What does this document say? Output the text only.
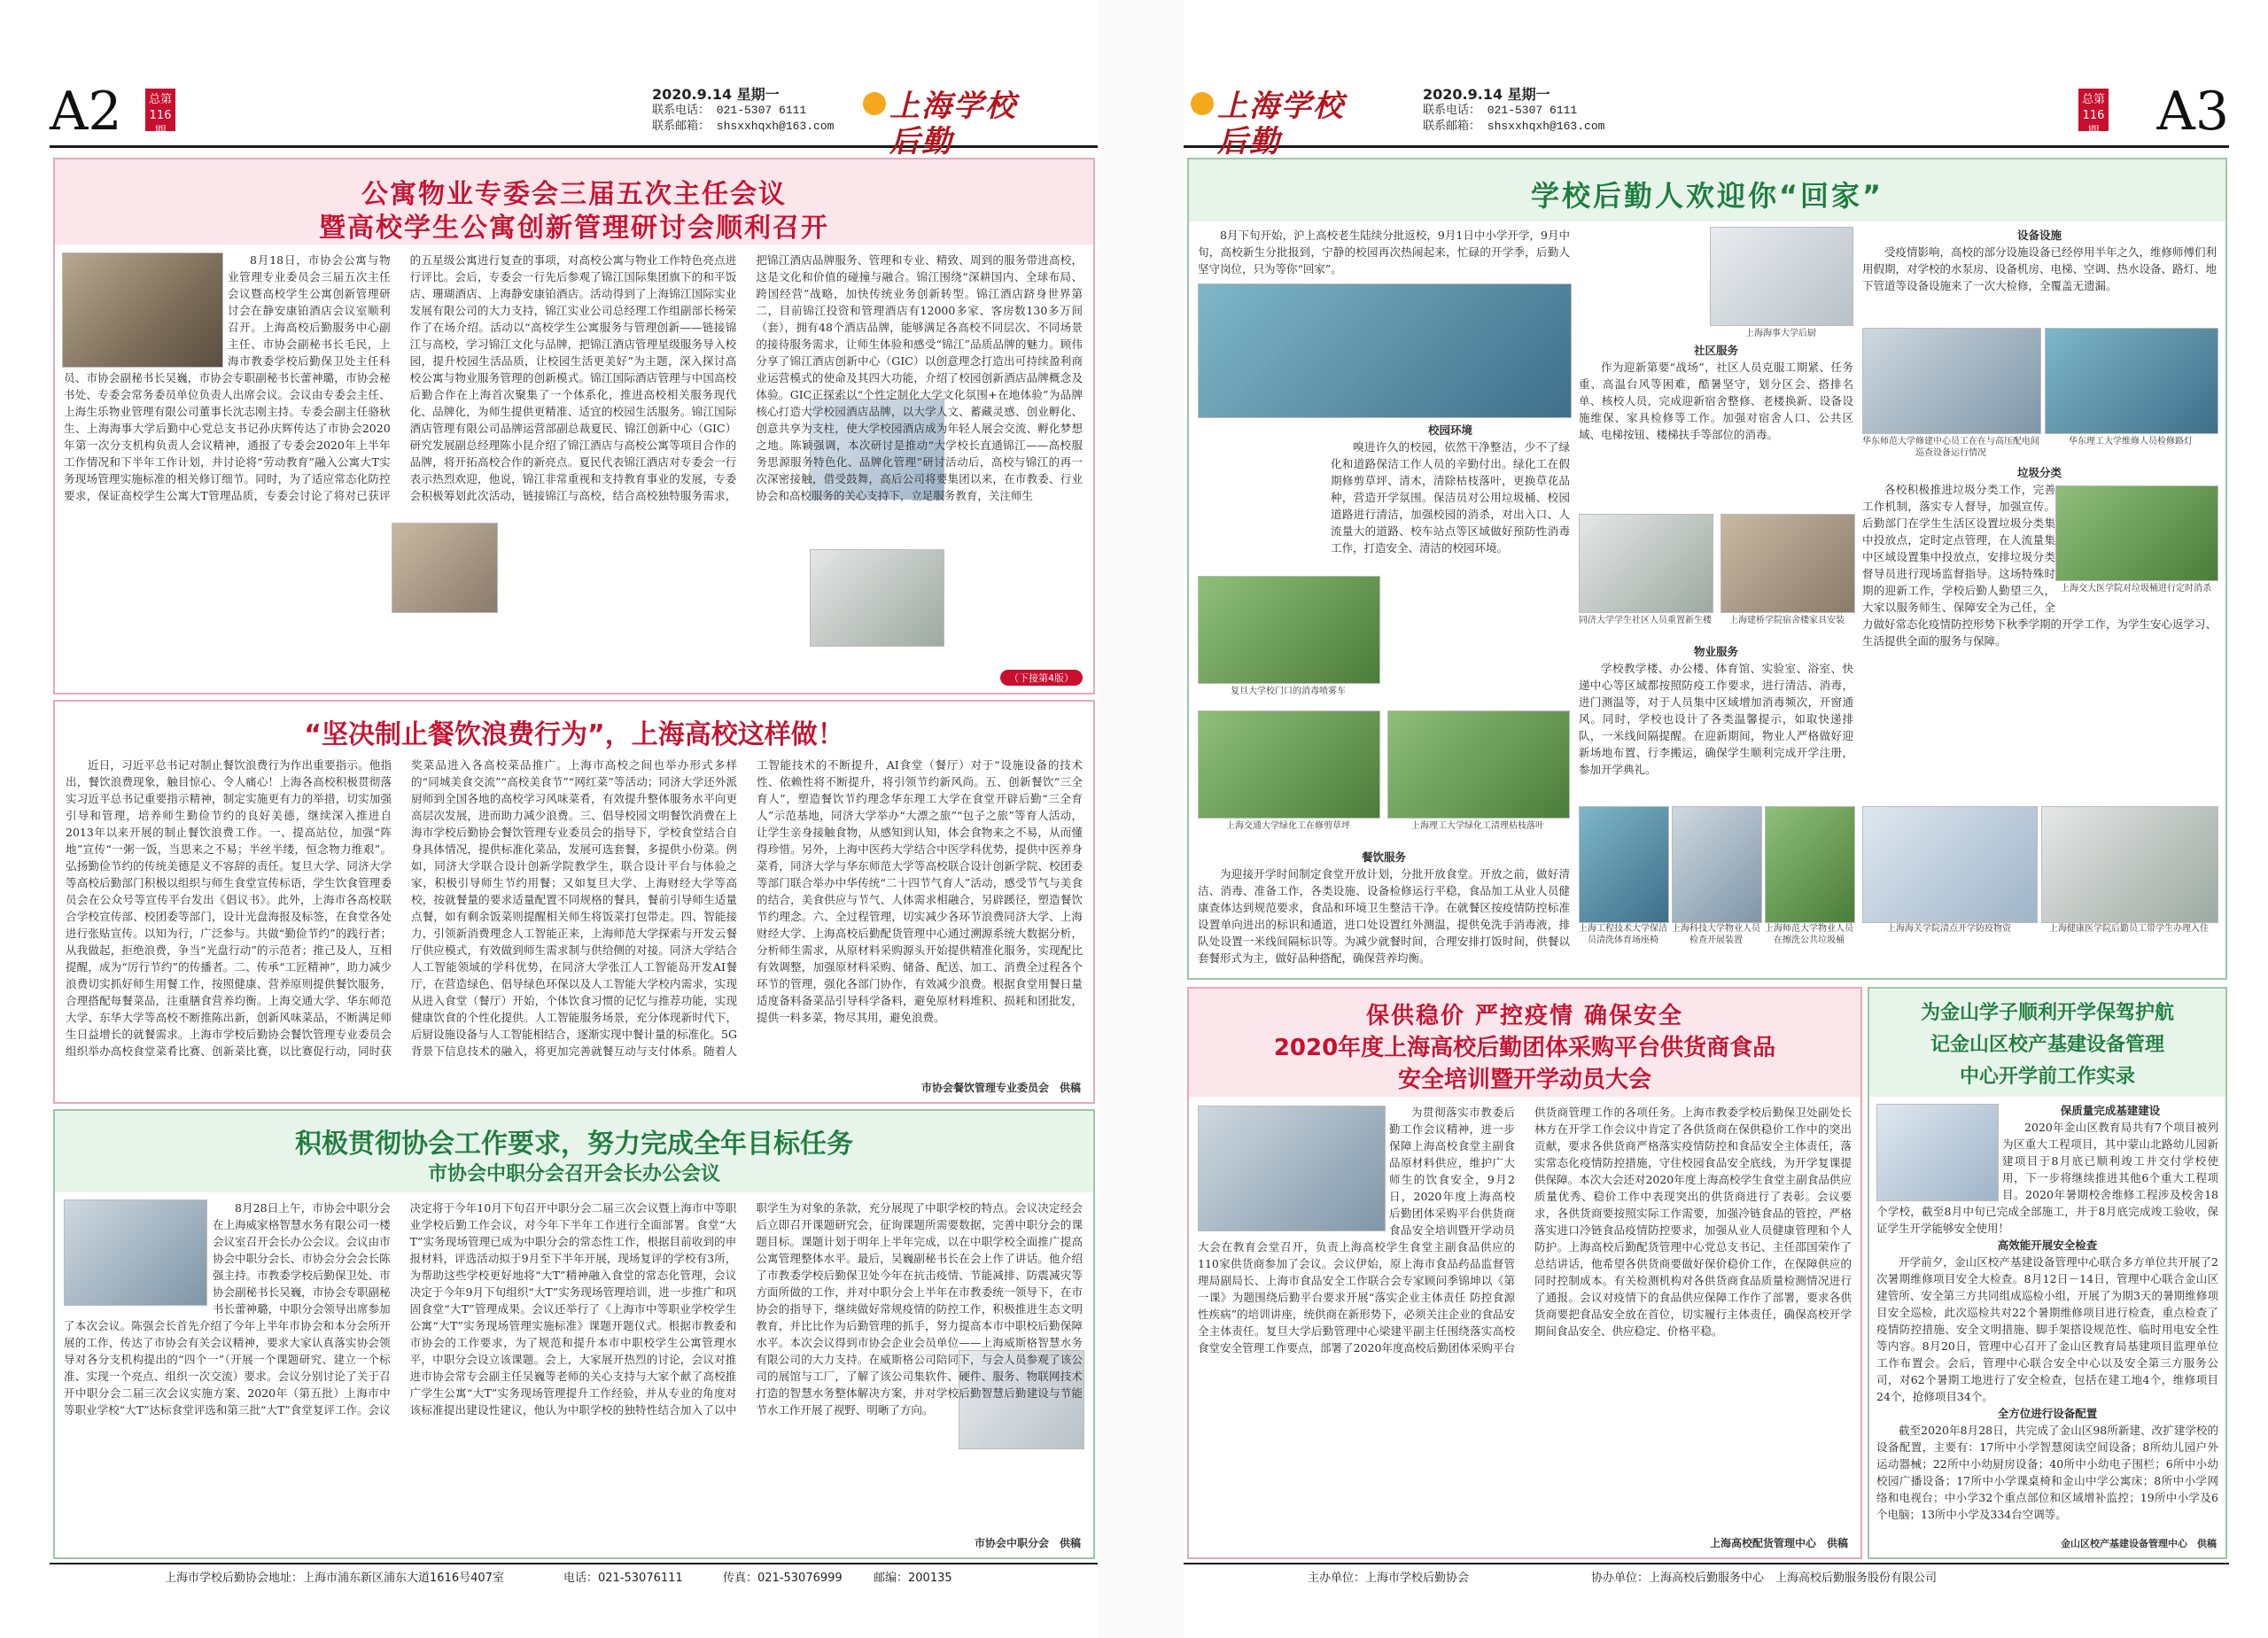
A2	总第116期
2020.9.14 星期一
联系电话： 021-5307 6111
联系邮箱： shsxxhqxh@163.com
上海学校后勤
公寓物业专委会三届五次主任会议
暨高校学生公寓创新管理研讨会顺利召开

8月18日，市协会公寓与物业管理专业委员会三届五次主任会议暨高校学生公寓创新管理研讨会在静安康铂酒店会议室顺利召开。上海高校后勤服务中心副主任、市协会副秘书长毛民，上海市教委学校后勤保卫处主任科员、市协会副秘书长吴巍，市协会专职副秘书长蕾神璐，市协会秘书处、专委会常务委员单位负责人出席会议。会议由专委会主任、上海生乐物业管理有限公司董事长沈志刚主持。专委会副主任骆秋生、上海海事大学后勤中心党总支书记孙庆辉传达了市协会2020年第一次分支机构负责人会议精神，通报了专委会2020年上半年工作情况和下半年工作计划，并讨论将“劳动教育”融入公寓大T实务现场管理实施标准的相关修订细节。同时，为了适应常态化防控要求，保证高校学生公寓大T管理品质，专委会讨论了将对已获评的五星级公寓进行复查的事项，对高校公寓与物业工作特色亮点进行评比。会后，专委会一行先后参观了锦江国际集团旗下的和平饭店、珊瑚酒店、上海静安康铂酒店。活动得到了上海锦江国际实业发展有限公司的大力支持，锦江实业公司总经理工作组副部长杨荣作了在场介绍。活动以“高校学生公寓服务与管理创新——链接锦江与高校，学习锦江文化与品牌，把锦江酒店管理星级服务导入校园，提升校园生活品质，让校园生活更美好”为主题，深入探讨高校公寓与物业服务管理的创新模式。锦江国际酒店管理与中国高校后勤合作在上海首次聚集了一个体系化，推进高校相关服务现代化、品牌化，为师生提供更精准、适宜的校园生活服务。锦江国际酒店管理有限公司品牌运营部副总裁夏民、锦江创新中心（GIC）研究发展副总经理陈小昆介绍了锦江酒店与高校公寓等项目合作的品牌，将开拓高校合作的新亮点。夏民代表锦江酒店对专委会一行表示热烈欢迎，他说，锦江非常重视和支持教育事业的发展，专委会积极筹划此次活动，链接锦江与高校，结合高校独特服务需求，把锦江酒店品牌服务、管理和专业、精致、周到的服务带进高校，这是文化和价值的碰撞与融合。锦江围绕“深耕国内、全球布局、跨国经营”战略，加快传统业务创新转型。锦江酒店跻身世界第二，目前锦江投资和管理酒店有12000多家、客房数130多万间（套），拥有48个酒店品牌，能够满足各高校不同层次、不同场景的接待服务需求，让师生体验和感受“锦江”品质品牌的魅力。顾伟分享了锦江酒店创新中心（GIC）以创意理念打造出可持续盈利商业运营模式的使命及其四大功能，介绍了校园创新酒店品牌概念及体验。GIC正探索以“个性定制化大学文化氛围+在地体验”为品牌核心打造大学校园酒店品牌，以大学人文、蓄藏灵感、创业孵化、创意共享为支柱，使大学校园酒店成为年轻人展会交流、孵化梦想之地。陈颖强调，本次研讨是推动“大学校长直通锦江——高校服务思源服务特色化、品牌化管理”研讨活动后，高校与锦江的再一次深密接触，借受鼓舞，高后公司将要集团以来，在市教委、行业协会和高校服务的关心支持下，立足服务教育，关注师生

（下接第4版）
“坚决制止餐饮浪费行为”，上海高校这样做！

近日，习近平总书记对制止餐饮浪费行为作出重要指示。他指出，餐饮浪费现象，触目惊心、令人痛心！上海各高校积极贯彻落实习近平总书记重要指示精神，制定实施更有力的举措，切实加强引导和管理，培养师生勤俭节约的良好美德，继续深入推进自2013年以来开展的制止餐饮浪费工作。一、提高站位，加强“阵地”宣传“一粥一饭，当思来之不易；半丝半缕，恒念物力维艰”。弘扬勤俭节约的传统美德是义不容辞的责任。复旦大学、同济大学等高校后勤部门积极以组织与师生食堂宣传标语，学生饮食管理委员会在公众号等宣传平台发出《倡议书》。此外，上海市各高校联合学校宣传部、校团委等部门，设计光盘海报及标签，在食堂各处进行张贴宣传。以知为行，广泛参与。共做“勤俭节约”的践行者；从我做起，拒绝浪费，争当“光盘行动”的示范者；推己及人，互相提醒，成为“厉行节约”的传播者。二、传承“工匠精神”，助力减少浪费切实抓好师生用餐工作，按照健康、营养原则提供餐饮服务，合理搭配每餐菜品，注重膳食营养均衡。上海交通大学、华东师范大学、东华大学等高校不断推陈出新，创新风味菜品，不断满足师生日益增长的就餐需求。上海市学校后勤协会餐饮管理专业委员会组织举办高校食堂菜肴比赛、创新菜比赛，以比赛促行动，同时获奖菜品进入各高校菜品推广。上海市高校之间也举办形式多样的“同城美食交流”“高校美食节”“网红菜”等活动；同济大学还外派厨师到全国各地的高校学习风味菜肴，有效提升整体服务水平向更高层次发展，进而助力减少浪费。三、倡导校园文明餐饮消费在上海市学校后勤协会餐饮管理专业委员会的指导下，学校食堂结合自身具体情况，提供标准化菜品，发展可选套餐，多提供小份菜。例如，同济大学联合设计创新学院教学生，联合设计平台与体验之家，积极引导师生节约用餐；又如复旦大学、上海财经大学等高校，按就餐量的要求适量配置不同规格的餐具，餐前引导师生适量点餐，如有剩余饭菜则提醒相关师生将饭菜打包带走。四、智能接力，引领新消费理念人工智能正来，上海师范大学探索与开发云餐厅供应模式，有效做到师生需求制与供给侧的对接。同济大学结合人工智能领域的学科优势，在同济大学张江人工智能岛开发AI餐厅，在营造绿色、倡导绿色环保以及人工智能大学校内需求，实现从进入食堂（餐厅）开始，个体饮食习惯的记忆与推荐功能，实现健康饮食的个性化提供。人工智能服务场景，充分体现新时代下，后厨设施设备与人工智能相结合，逐渐实现中餐计量的标准化。5G背景下信息技术的融入，将更加完善就餐互动与支付体系。随着人工智能技术的不断提升，AI食堂（餐厅）对于“设施设备的技术性、依赖性将不断提升，将引领节约新风尚。五、创新餐饮“三全育人”，塑造餐饮节约理念华东理工大学在食堂开辟后勤“三全育人”示范基地，同济大学举办“大漂之旅”“包子之旅”等育人活动，让学生亲身接触食物，从感知到认知，体会食物来之不易，从而懂得珍惜。另外，上海中医药大学结合中医学科优势，提供中医养身菜肴，同济大学与华东师范大学等高校联合设计创新学院、校团委等部门联合举办中华传统“二十四节气育人”活动，感受节气与美食的结合，美食供应与节气、人体需求相融合，另辟蹊径，塑造餐饮节约理念。六、全过程管理，切实减少各环节浪费同济大学、上海财经大学、上海高校后勤配货管理中心通过溯源系统大数据分析，分析师生需求，从原材料采购源头开始提供精准化服务，实现配比有效调整，加强原材料采购、储备、配送、加工、消费全过程各个环节的管理，强化各部门协作，有效减少浪费。根据食堂用餐日量适度备料备菜品引导科学备料，避免原材料堆积、损耗和团批发，提供一料多菜，物尽其用，避免浪费。

市协会餐饮管理专业委员会　供稿
积极贯彻协会工作要求，努力完成全年目标任务
市协会中职分会召开会长办公会议

8月28日上午，市协会中职分会在上海威家格智慧水务有限公司一楼会议室召开会长办公会议。会议由市协会中职分会长、市协会分会会长陈强主持。市教委学校后勤保卫处、市协会副秘书长吴巍，市协会专职副秘书长蕾神璐，中职分会领导出席参加了本次会议。陈强会长首先介绍了今年上半年市协会和本分会所开展的工作，传达了市协会有关会议精神，要求大家认真落实协会领导对各分支机构提出的“四个一”（开展一个课题研究、建立一个标准、实现一个亮点、组织一次交流）要求。会议分别讨论了关于召开中职分会二届三次会议实施方案、2020年（第五批）上海市中等职业学校“大T”达标食堂评选和第三批“大T”食堂复评工作。会议决定将于今年10月下旬召开中职分会二届三次会议暨上海市中等职业学校后勤工作会议，对今年下半年工作进行全面部署。食堂“大T”实务现场管理已成为中职分会的常态性工作，根据目前收到的申报材料，评选活动拟于9月至下半年开展，现场复评的学校有3所，为帮助这些学校更好地将“大T”精神融入食堂的常态化管理，会议决定于今年9月下旬组织“大T”实务现场管理培训，进一步推广和巩固食堂“大T”管理成果。会议还举行了《上海市中等职业学校学生公寓“大T”实务现场管理实施标准》课题开题仪式。根据市教委和市协会的工作要求，为了规范和提升本市中职校学生公寓管理水平，中职分会设立该课题。会上，大家展开热烈的讨论，会议对推进市协会常专会副主任吴巍等老师的关心支持与大家个献了高校推广学生公寓“大T”实务现场管理提升工作经验，并从专业的角度对该标准提出建设性建议，他认为中职学校的独特性结合加入了以中职学生为对象的条款，充分展现了中职学校的特点。会议决定经会后立即召开课题研究会，征询课题所需要数据，完善中职分会的课题目标。课题计划于明年上半年完成，以在中职学校全面推广提高公寓管理整体水平。最后，吴巍副秘书长在会上作了讲话。他介绍了市教委学校后勤保卫处今年在抗击疫情、节能减排、防震减灾等方面所做的工作，并对中职分会上半年在市教委统一领导下，在市协会的指导下，继续做好常规疫情的防控工作，积极推进生态文明教育，并比比作为后勤管理的抓手，努力提高本市中职校后勤保障水平。本次会议得到市协会企业会员单位——上海威斯格智慧水务有限公司的大力支持。在威斯格公司陪同下，与会人员参观了该公司的展馆与工厂，了解了该公司集软件、硬件、服务、物联网技术打造的智慧水务整体解决方案，并对学校后勤智慧后勤建设与节能节水工作开展了视野、明晰了方向。

市协会中职分会　供稿
上海市学校后勤协会地址：上海市浦东新区浦东大道1616号407室	电话：021-53076111	传真：021-53076999	邮编：200135
上海学校后勤
2020.9.14 星期一
联系电话： 021-5307 6111
联系邮箱： shsxxhqxh@163.com
总第116期 A3
学校后勤人欢迎你“回家”

8月下旬开始，沪上高校老生陆续分批返校，9月1日中小学开学，9月中旬，高校新生分批报到，宁静的校园再次热闹起来，忙碌的开学季，后勤人坚守岗位，只为等你“回家”。

校园环境

嗅进许久的校园，依然干净整洁，少不了绿化和道路保洁工作人员的辛勤付出。绿化工在假期修剪草坪、清木，清除枯枝落叶，更换草花品种，营造开学氛围。保洁员对公用垃圾桶、校园道路进行清洁，加强校园的消杀，对出入口、人流量大的道路、校车站点等区域做好预防性消毒工作，打造安全、清洁的校园环境。

复旦大学校门口的消毒喷雾车
上海交通大学绿化工在修剪草坪	上海理工大学绿化工清理枯枝落叶

餐饮服务

为迎接开学时间制定食堂开放计划，分批开放食堂。开放之前，做好清洁、消毒、准备工作，各类设施、设备检修运行平稳，食品加工从业人员健康查体达到规范要求，食品和环境卫生整洁干净。在就餐区按疫情防控标准设置单向进出的标识和通道，进口处设置红外测温，提供免洗手消毒液，排队处设置一米线间隔标识等。为减少就餐时间，合理安排打饭时间，供餐以套餐形式为主，做好品种搭配，确保营养均衡。

上海海事大学后厨

社区服务

作为迎新第要“战场”，社区人员克服工期紧、任务重、高温台风等困难，酷暑坚守，划分区会、搭排名单、核校人员，完成迎新宿舍整修、老楼换新、设备设施维保、家具检修等工作。加强对宿舍人口、公共区域、电梯按钮、楼梯扶手等部位的消毒。

同济大学学生社区人员重置新生楼	上海建桥学院宿舍楼家具安装

物业服务

学校教学楼、办公楼、体育馆、实验室、浴室、快递中心等区域都按照防疫工作要求，进行清洁、消毒，进门测温等，对于人员集中区域增加消毒频次，开窗通风。同时，学校也设计了各类温馨提示，如取快递排队，一米线间隔提醒。在迎新期间，物业人严格做好迎新场地布置、行李搬运，确保学生顺利完成开学注册，参加开学典礼。

上海工程技术大学保洁员清洗体育场座椅
上海科技大学物业人员检查开展装置
上海师范大学物业人员在擦洗公共垃圾桶

设备设施

受疫情影响，高校的部分设施设备已经停用半年之久，维修师傅们利用假期，对学校的水泵房、设备机房、电梯、空调、热水设备、路灯、地下管道等设备设施来了一次大检修，全覆盖无遗漏。

华东师范大学修建中心员工在在与高压配电间巡查设备运行情况
华东理工大学维修人员检修路灯

垃圾分类

各校积极推进垃圾分类工作，完善工作机制，落实专人督导，加强宣传。后勤部门在学生生活区设置垃圾分类集中投放点，定时定点管理，在人流量集中区域设置集中投放点，安排垃圾分类督导员进行现场监督指导。这场特殊时期的迎新工作，学校后勤人勤望三久，大家以服务师生、保障安全为己任，全力做好常态化疫情防控形势下秋季学期的开学工作，为学生安心返学习、生活提供全面的服务与保障。

上海交大医学院对垃圾桶进行定时消杀
上海海关学院清点开学防疫物资	上海健康医学院后勤员工带学生办理入住
保供稳价 严控疫情 确保安全
2020年度上海高校后勤团体采购平台供货商食品
安全培训暨开学动员大会

为贯彻落实市教委后勤工作会议精神，进一步保障上海高校食堂主副食品原材料供应，维护广大师生的饮食安全，9月2日，2020年度上海高校后勤团体采购平台供货商食品安全培训暨开学动员大会在教育会堂召开，负责上海高校学生食堂主副食品供应的110家供货商参加了会议。会议伊始，原上海市食品药品监督管理局副局长、上海市食品安全工作联合会专家顾问季锦坤以《第一课》为题围绕后勤平台要求开展“落实企业主体责任 防控食源性疾病”的培训讲座，统供商在新形势下，必须关注企业的食品安全主体责任。复旦大学后勤管理中心梁建平副主任围绕落实高校食堂安全管理工作要点，部署了2020年度高校后勤团体采购平台供货商管理工作的各项任务。上海市教委学校后勤保卫处副处长林方在开学工作会议中肯定了各供货商在保供稳价工作中的突出贡献，要求各供货商严格落实疫情防控和食品安全主体责任，落实常态化疫情防控措施，守住校园食品安全底线，为开学复课提供保障。本次大会还对2020年度上海高校学生食堂主副食品供应质量优秀、稳价工作中表现突出的供货商进行了表彰。会议要求，各供货商要按照实际工作需要，加强冷链食品的管控，严格落实进口冷链食品疫情防控要求，加强从业人员健康管理和个人防护。上海高校后勤配货管理中心党总支书记、主任邵国荣作了总结讲话，他希望各供货商要做好保价稳价工作，在保障供应的同时控制成本。有关检测机构对各供货商食品质量检测情况进行了通报。会议对疫情下的食品供应保障工作作了部署，要求各供货商要把食品安全放在首位，切实履行主体责任，确保高校开学期间食品安全、供应稳定、价格平稳。

上海高校配货管理中心　供稿
为金山学子顺利开学保驾护航
记金山区校产基建设备管理
中心开学前工作实录

保质量完成基建建设

2020年金山区教育局共有7个项目被列为区重大工程项目，其中蒙山北路幼儿园新建项目于8月底已顺利竣工并交付学校使用，下一步将继续推进其他6个重大工程项目。2020年暑期校舍维修工程涉及校舍18个学校，截至8月中旬已完成全部施工，并于8月底完成竣工验收，保证学生开学能够安全使用！

高效能开展安全检查

开学前夕，金山区校产基建设备管理中心联合多方单位共开展了2次暑期维修项目安全大检查。8月12日－14日，管理中心联合金山区建管所、安全第三方共同组成巡检小组，开展了为期3天的暑期维修项目安全巡检，此次巡检共对22个暑期维修项目进行检查，重点检查了疫情防控措施、安全文明措施、脚手架搭设规范性、临时用电安全性等内容。8月20日，管理中心召开了金山区教育局基建项目监理单位工作布置会。会后，管理中心联合安全中心以及安全第三方服务公司，对62个暑期工地进行了安全检查，包括在建工地4个，维修项目24个，抢修项目34个。

全方位进行设备配置

截至2020年8月28日，共完成了金山区98所新建、改扩建学校的设备配置，主要有：17所中小学智慧阅读空间设备；8所幼儿园户外运动器械；22所中小幼厨房设备；40所中小幼电子围栏；6所中小幼校园广播设备；17所中小学课桌椅和金山中学公寓床；8所中小学网络和电视台；中小学32个重点部位和区域增补监控；19所中小学及6个电脑；13所中小学及334台空调等。

金山区校产基建设备管理中心　供稿
主办单位：上海市学校后勤协会	协办单位：上海高校后勤服务中心　上海高校后勤服务股份有限公司
